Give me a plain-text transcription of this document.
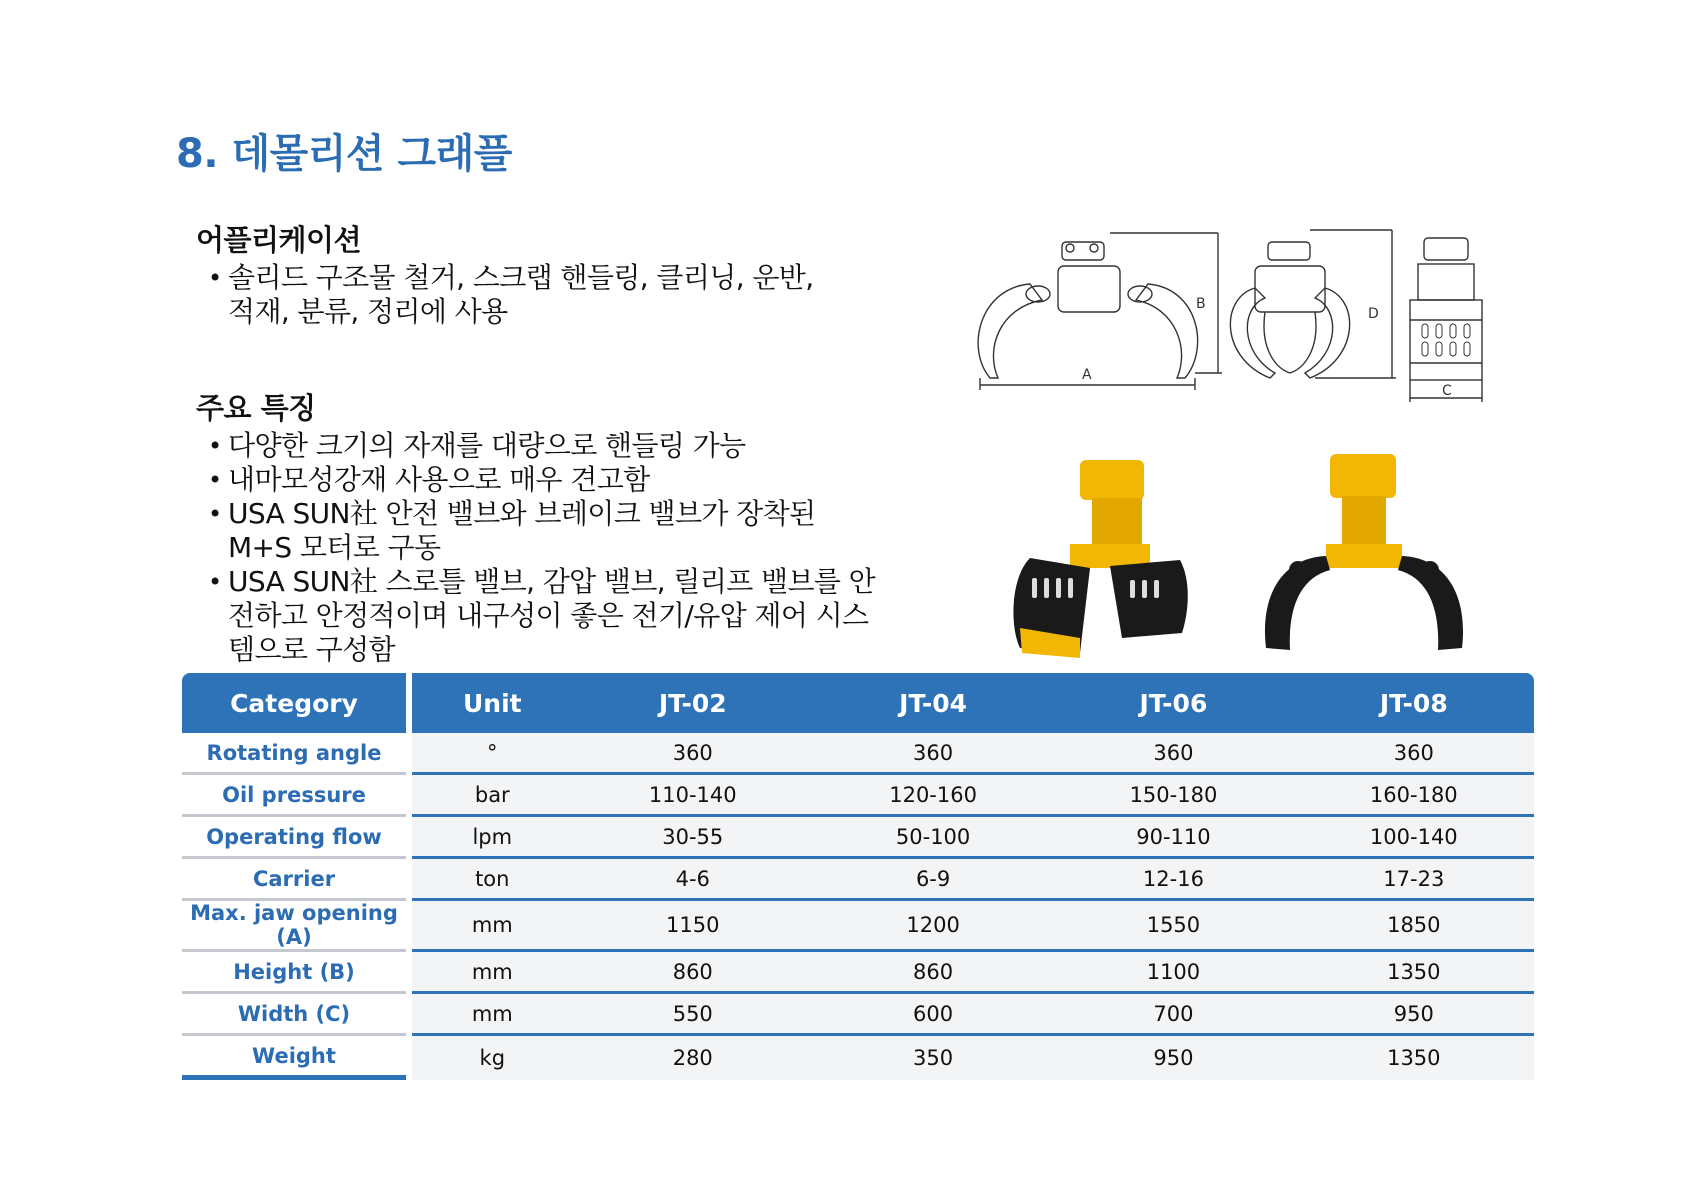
8. 데몰리션 그래플
어플리케이션
• 솔리드 구조물 철거, 스크랩 핸들링, 클리닝, 운반, 적재, 분류, 정리에 사용
주요 특징
• 다양한 크기의 자재를 대량으로 핸들링 가능
• 내마모성강재 사용으로 매우 견고함
• USA SUN社 안전 밸브와 브레이크 밸브가 장착된 M+S 모터로 구동
• USA SUN社 스로틀 밸브, 감압 밸브, 릴리프 밸브를 안전하고 안정적이며 내구성이 좋은 전기/유압 제어 시스템으로 구성함
A
B
D
C
Category		Unit	JT-02	JT-04	JT-06	JT-08
Rotating angle		°	360	360	360	360
Oil pressure		bar	110-140	120-160	150-180	160-180
Operating flow		lpm	30-55	50-100	90-110	100-140
Carrier		ton	4-6	6-9	12-16	17-23
Max. jaw opening (A)		mm	1150	1200	1550	1850
Height (B)		mm	860	860	1100	1350
Width (C)		mm	550	600	700	950
Weight		kg	280	350	950	1350
